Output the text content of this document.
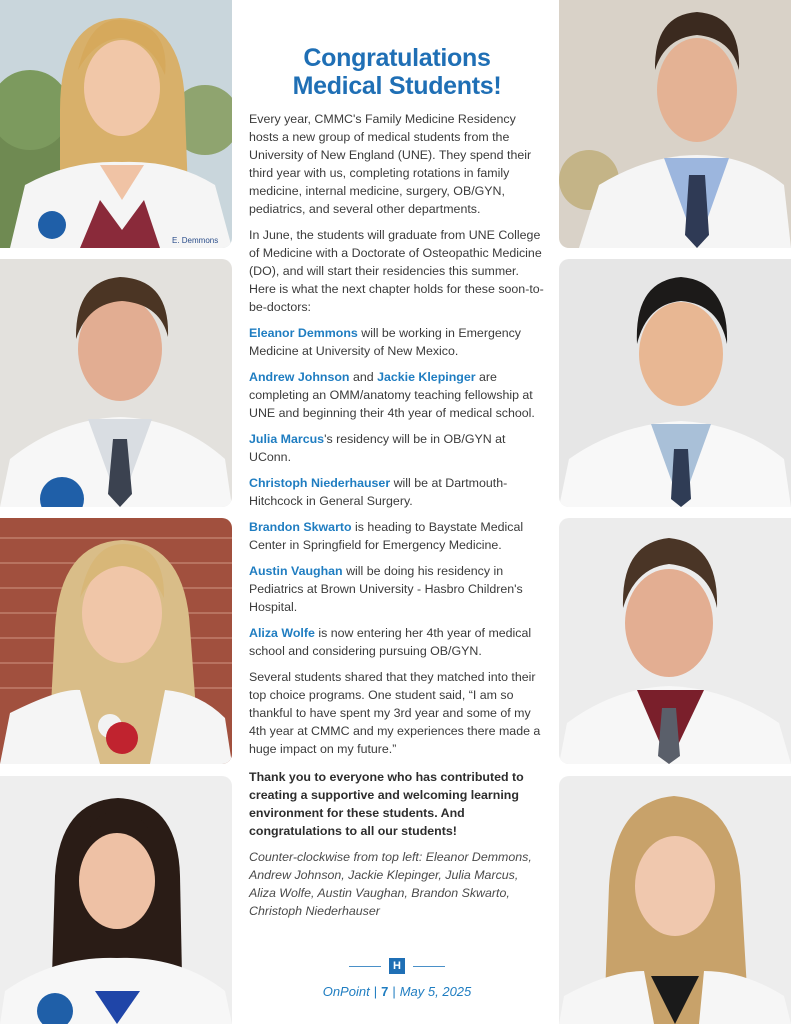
E. Demmons
Congratulations
Medical Students!

Every year, CMMC's Family Medicine Residency hosts a new group of medical students from the University of New England (UNE). They spend their third year with us, completing rotations in family medicine, internal medicine, surgery, OB/GYN, pediatrics, and several other departments.

In June, the students will graduate from UNE College of Medicine with a Doctorate of Osteopathic Medicine (DO), and will start their residencies this summer. Here is what the next chapter holds for these soon-to-be-doctors:

Eleanor Demmons will be working in Emergency Medicine at University of New Mexico.

Andrew Johnson and Jackie Klepinger are completing an OMM/anatomy teaching fellowship at UNE and beginning their 4th year of medical school.

Julia Marcus's residency will be in OB/GYN at UConn.

Christoph Niederhauser will be at Dartmouth-Hitchcock in General Surgery.

Brandon Skwarto is heading to Baystate Medical Center in Springfield for Emergency Medicine.

Austin Vaughan will be doing his residency in Pediatrics at Brown University - Hasbro Children's Hospital.

Aliza Wolfe is now entering her 4th year of medical school and considering pursuing OB/GYN.

Several students shared that they matched into their top choice programs. One student said, “I am so thankful to have spent my 3rd year and some of my 4th year at CMMC and my experiences there made a huge impact on my future.”

Thank you to everyone who has contributed to creating a supportive and welcoming learning environment for these students. And congratulations to all our students!

Counter-clockwise from top left: Eleanor Demmons, Andrew Johnson, Jackie Klepinger, Julia Marcus, Aliza Wolfe, Austin Vaughan, Brandon Skwarto, Christoph Niederhauser

H
OnPoint | 7 | May 5, 2025
